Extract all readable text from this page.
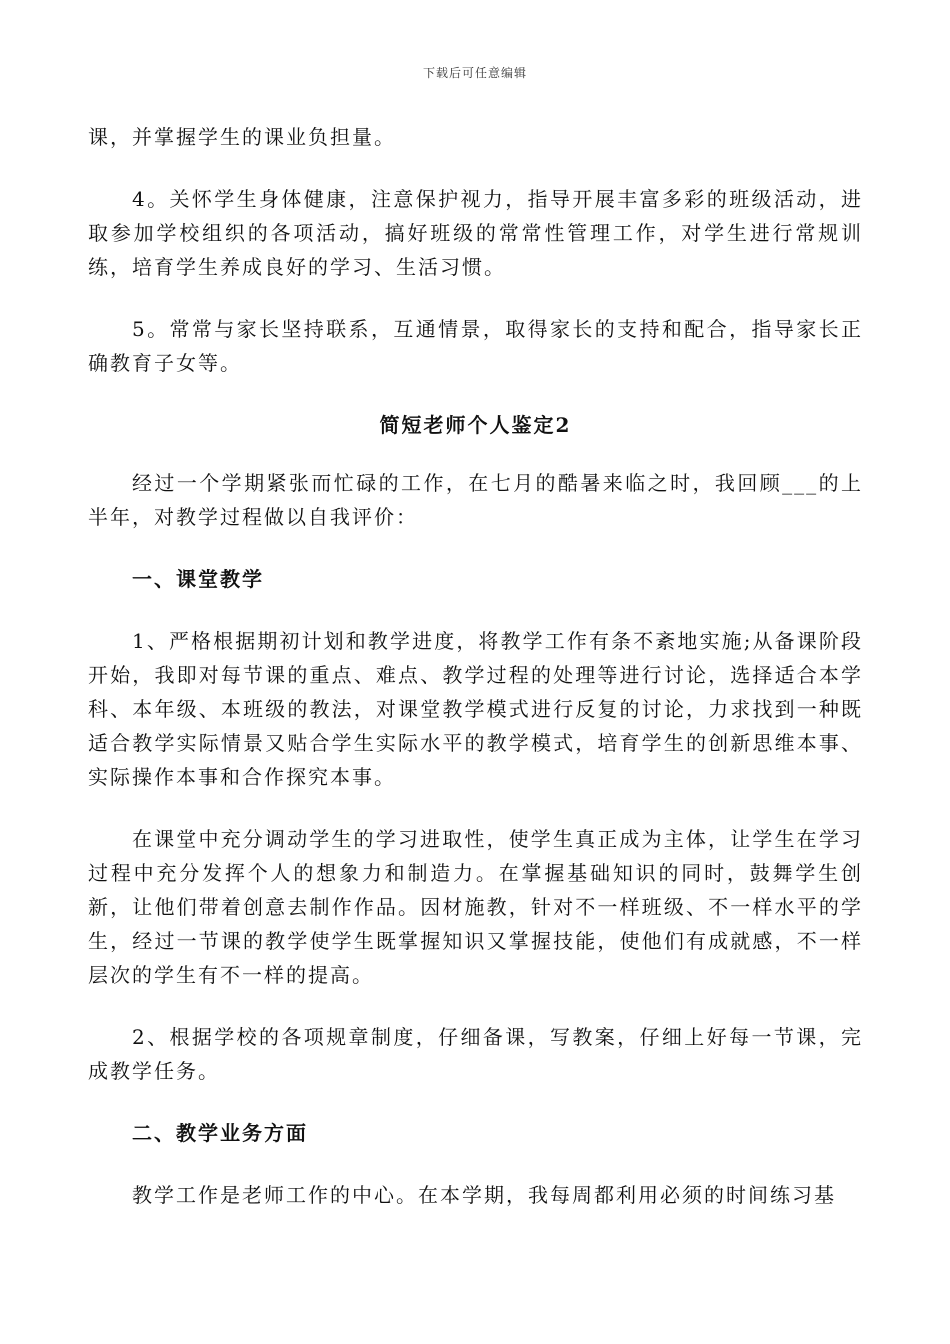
下载后可任意编辑

课，并掌握学生的课业负担量。

4。关怀学生身体健康，注意保护视力，指导开展丰富多彩的班级活动，进取参加学校组织的各项活动，搞好班级的常常性管理工作，对学生进行常规训练，培育学生养成良好的学习、生活习惯。

5。常常与家长坚持联系，互通情景，取得家长的支持和配合，指导家长正确教育子女等。

简短老师个人鉴定2

经过一个学期紧张而忙碌的工作，在七月的酷暑来临之时，我回顾___的上半年，对教学过程做以自我评价：

一、课堂教学

1、严格根据期初计划和教学进度，将教学工作有条不紊地实施;从备课阶段开始，我即对每节课的重点、难点、教学过程的处理等进行讨论，选择适合本学科、本年级、本班级的教法，对课堂教学模式进行反复的讨论，力求找到一种既适合教学实际情景又贴合学生实际水平的教学模式，培育学生的创新思维本事、实际操作本事和合作探究本事。

在课堂中充分调动学生的学习进取性，使学生真正成为主体，让学生在学习过程中充分发挥个人的想象力和制造力。在掌握基础知识的同时，鼓舞学生创新，让他们带着创意去制作作品。因材施教，针对不一样班级、不一样水平的学生，经过一节课的教学使学生既掌握知识又掌握技能，使他们有成就感，不一样层次的学生有不一样的提高。

2、根据学校的各项规章制度，仔细备课，写教案，仔细上好每一节课，完成教学任务。

二、教学业务方面

教学工作是老师工作的中心。在本学期，我每周都利用必须的时间练习基
